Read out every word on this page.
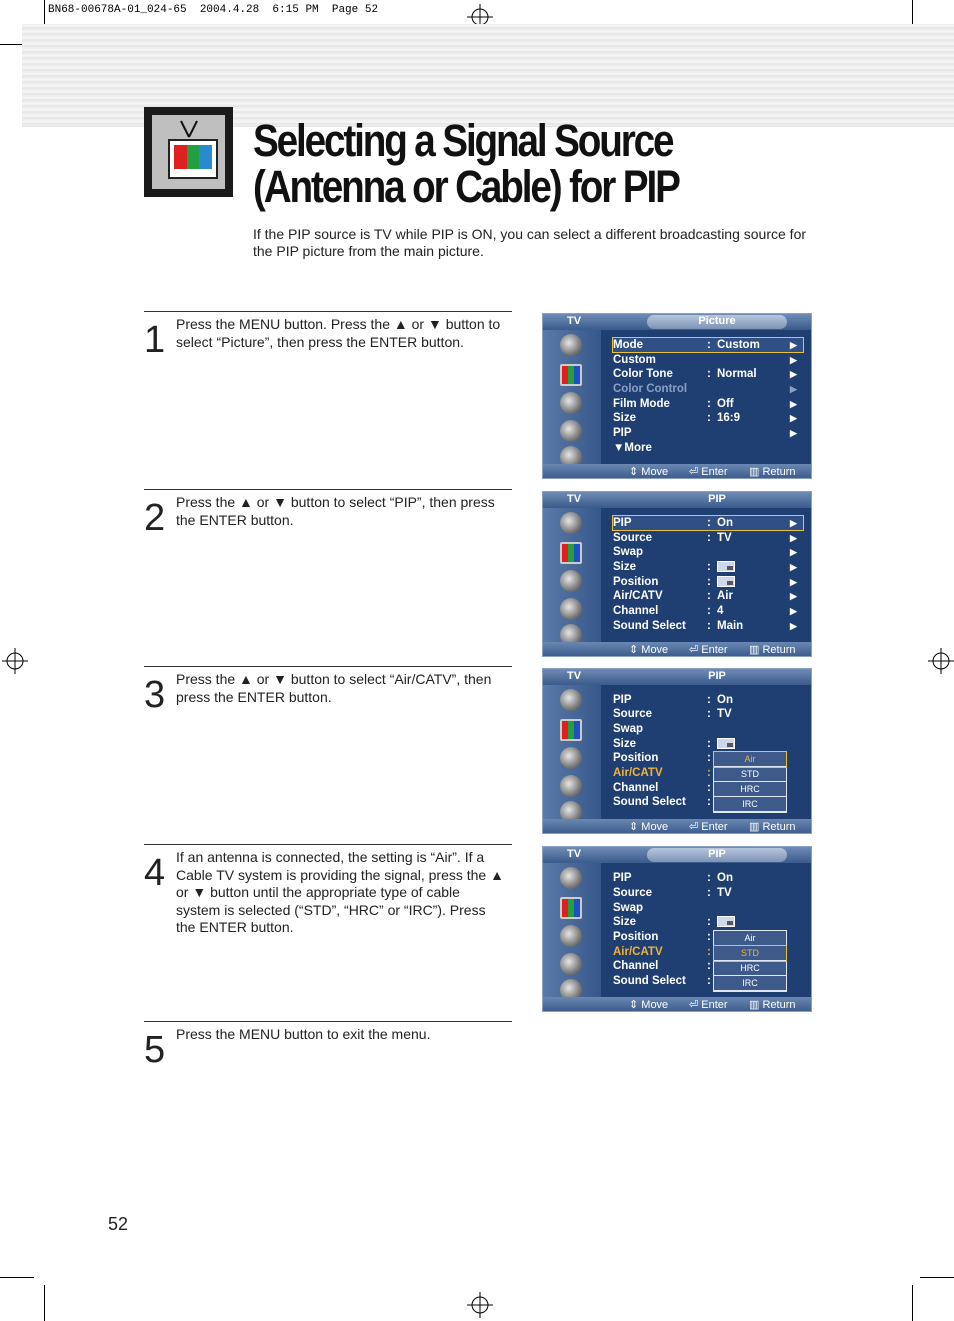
BN68-00678A-01_024-65  2004.4.28  6:15 PM  Page 52
Selecting a Signal Source (Antenna or Cable) for PIP
If the PIP source is TV while PIP is ON, you can select a different broadcasting source for the PIP picture from the main picture.
1 Press the MENU button. Press the ▲ or ▼ button to select “Picture”, then press the ENTER button.
2 Press the ▲ or ▼ button to select “PIP”, then press the ENTER button.
3 Press the ▲ or ▼ button to select “Air/CATV”, then press the ENTER button.
4 If an antenna is connected, the setting is “Air”. If a Cable TV system is providing the signal, press the ▲ or ▼ button until the appropriate type of cable system is selected (“STD”, “HRC” or “IRC”). Press the ENTER button.
5 Press the MENU button to exit the menu.
TV	Picture
Mode	: Custom	▶
Custom	▶
Color Tone	: Normal	▶
Color Control	▶
Film Mode	: Off	▶
Size	: 16:9	▶
PIP	▶
▼More
⇕ Move ⏎ Enter ▥ Return
TV	PIP
PIP	: On	▶
Source	: TV	▶
Swap	▶
Size	:	▶
Position	:	▶
Air/CATV	: Air	▶
Channel	: 4	▶
Sound Select : Main	▶
⇕ Move ⏎ Enter ▥ Return
TV	PIP
PIP	: On
Source	: TV
Swap
Size	:
Position	:
Air/CATV	:
Channel	:
Sound Select :
Air
STD
HRC
IRC
⇕ Move ⏎ Enter ▥ Return
TV	PIP
PIP	: On
Source	: TV
Swap
Size	:
Position	:
Air/CATV	:
Channel	:
Sound Select :
Air
STD
HRC
IRC
⇕ Move ⏎ Enter ▥ Return
52
